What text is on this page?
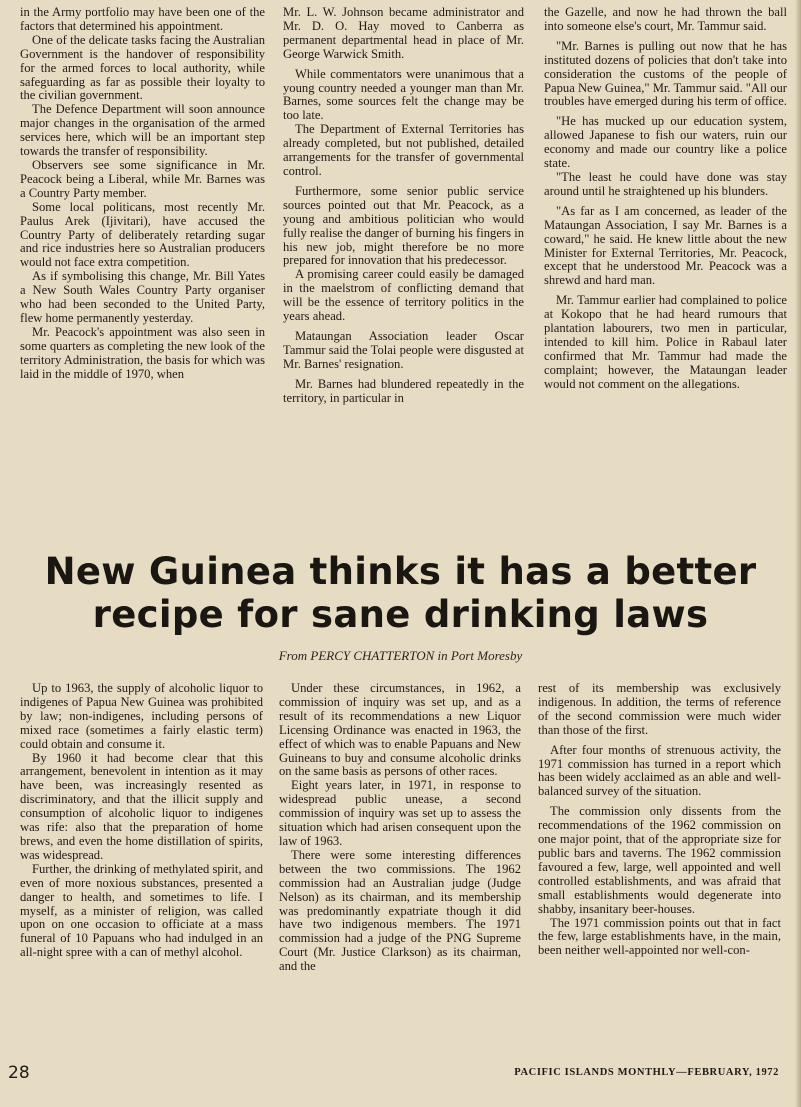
in the Army portfolio may have been one of the factors that determined his appointment.

One of the delicate tasks facing the Australian Government is the handover of responsibility for the armed forces to local authority, while safeguarding as far as possible their loyalty to the civilian government.

The Defence Department will soon announce major changes in the organisation of the armed services here, which will be an important step towards the transfer of responsibility.

Observers see some significance in Mr. Peacock being a Liberal, while Mr. Barnes was a Country Party member.

Some local politicans, most recently Mr. Paulus Arek (Ijivitari), have accused the Country Party of deliberately retarding sugar and rice industries here so Australian producers would not face extra competition.

As if symbolising this change, Mr. Bill Yates a New South Wales Country Party organiser who had been seconded to the United Party, flew home permanently yesterday.

Mr. Peacock's appointment was also seen in some quarters as completing the new look of the territory Administration, the basis for which was laid in the middle of 1970, when

Mr. L. W. Johnson became administrator and Mr. D. O. Hay moved to Canberra as permanent departmental head in place of Mr. George Warwick Smith.

While commentators were unanimous that a young country needed a younger man than Mr. Barnes, some sources felt the change may be too late.

The Department of External Territories has already completed, but not published, detailed arrangements for the transfer of governmental control.

Furthermore, some senior public service sources pointed out that Mr. Peacock, as a young and ambitious politician who would fully realise the danger of burning his fingers in his new job, might therefore be no more prepared for innovation that his predecessor.

A promising career could easily be damaged in the maelstrom of conflicting demand that will be the essence of territory politics in the years ahead.

Mataungan Association leader Oscar Tammur said the Tolai people were disgusted at Mr. Barnes' resignation.

Mr. Barnes had blundered repeatedly in the territory, in particular in

the Gazelle, and now he had thrown the ball into someone else's court, Mr. Tammur said.

"Mr. Barnes is pulling out now that he has instituted dozens of policies that don't take into consideration the customs of the people of Papua New Guinea," Mr. Tammur said. "All our troubles have emerged during his term of office.

"He has mucked up our education system, allowed Japanese to fish our waters, ruin our economy and made our country like a police state.

"The least he could have done was stay around until he straightened up his blunders.

"As far as I am concerned, as leader of the Mataungan Association, I say Mr. Barnes is a coward," he said. He knew little about the new Minister for External Territories, Mr. Peacock, except that he understood Mr. Peacock was a shrewd and hard man.

Mr. Tammur earlier had complained to police at Kokopo that he had heard rumours that plantation labourers, two men in particular, intended to kill him. Police in Rabaul later confirmed that Mr. Tammur had made the complaint; however, the Mataungan leader would not comment on the allegations.

New Guinea thinks it has a better
recipe for sane drinking laws
From PERCY CHATTERTON in Port Moresby

Up to 1963, the supply of alcoholic liquor to indigenes of Papua New Guinea was prohibited by law; non-indigenes, including persons of mixed race (sometimes a fairly elastic term) could obtain and consume it.

By 1960 it had become clear that this arrangement, benevolent in intention as it may have been, was increasingly resented as discriminatory, and that the illicit supply and consumption of alcoholic liquor to indigenes was rife: also that the preparation of home brews, and even the home distillation of spirits, was widespread.

Further, the drinking of methylated spirit, and even of more noxious substances, presented a danger to health, and sometimes to life. I myself, as a minister of religion, was called upon on one occasion to officiate at a mass funeral of 10 Papuans who had indulged in an all-night spree with a can of methyl alcohol.

Under these circumstances, in 1962, a commission of inquiry was set up, and as a result of its recommendations a new Liquor Licensing Ordinance was enacted in 1963, the effect of which was to enable Papuans and New Guineans to buy and consume alcoholic drinks on the same basis as persons of other races.

Eight years later, in 1971, in response to widespread public unease, a second commission of inquiry was set up to assess the situation which had arisen consequent upon the law of 1963.

There were some interesting differences between the two commissions. The 1962 commission had an Australian judge (Judge Nelson) as its chairman, and its membership was predominantly expatriate though it did have two indigenous members. The 1971 commission had a judge of the PNG Supreme Court (Mr. Justice Clarkson) as its chairman, and the

rest of its membership was exclusively indigenous. In addition, the terms of reference of the second commission were much wider than those of the first.

After four months of strenuous activity, the 1971 commission has turned in a report which has been widely acclaimed as an able and well-balanced survey of the situation.

The commission only dissents from the recommendations of the 1962 commission on one major point, that of the appropriate size for public bars and taverns. The 1962 commission favoured a few, large, well appointed and well controlled establishments, and was afraid that small establishments would degenerate into shabby, insanitary beer-houses.

The 1971 commission points out that in fact the few, large establishments have, in the main, been neither well-appointed nor well-con-

28	PACIFIC ISLANDS MONTHLY—FEBRUARY, 1972
